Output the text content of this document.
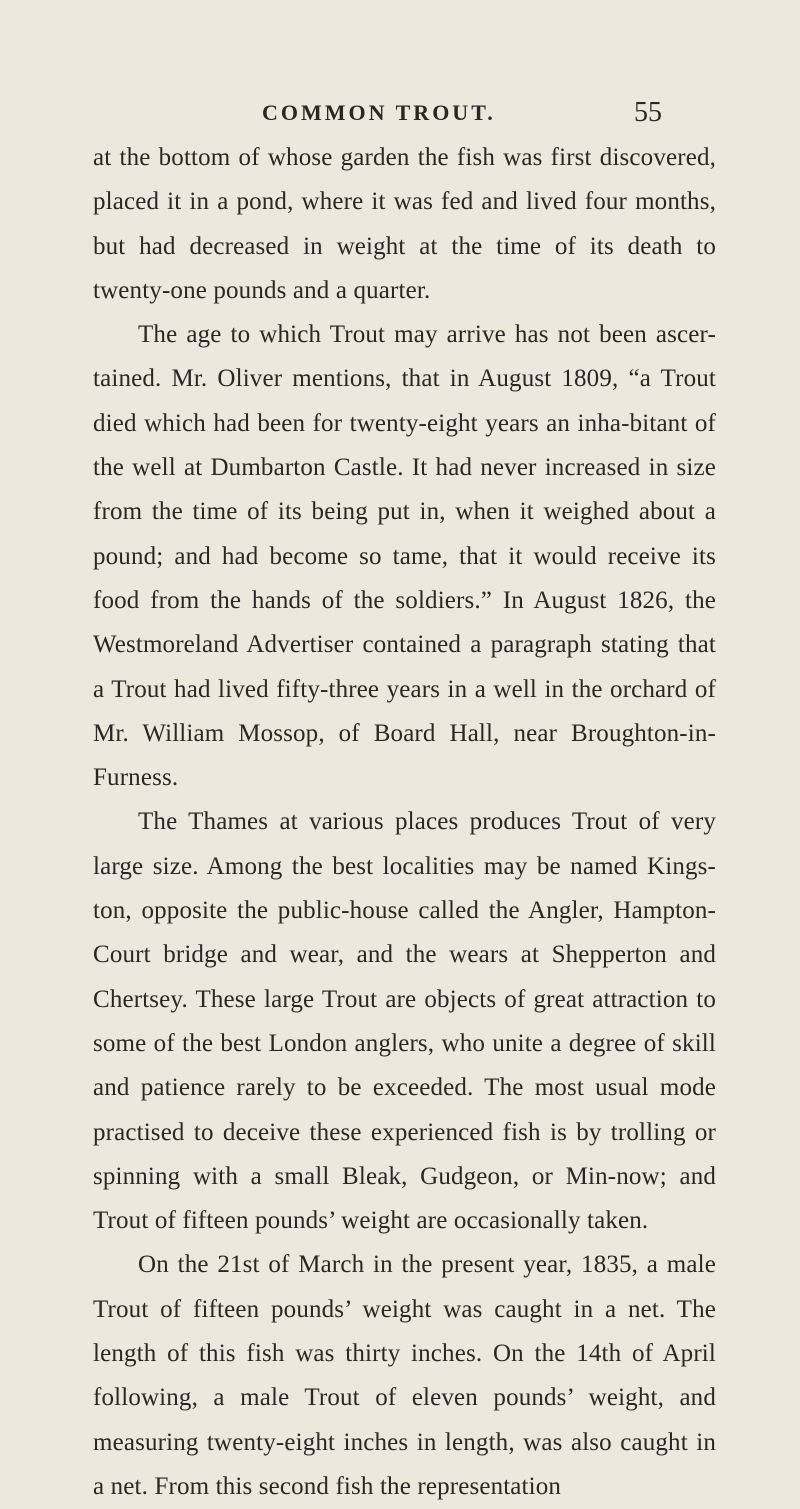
COMMON TROUT.	55

at the bottom of whose garden the fish was first discovered, placed it in a pond, where it was fed and lived four months, but had decreased in weight at the time of its death to twenty-one pounds and a quarter.

The age to which Trout may arrive has not been ascer-tained. Mr. Oliver mentions, that in August 1809, “a Trout died which had been for twenty-eight years an inha-bitant of the well at Dumbarton Castle. It had never increased in size from the time of its being put in, when it weighed about a pound; and had become so tame, that it would receive its food from the hands of the soldiers.” In August 1826, the Westmoreland Advertiser contained a paragraph stating that a Trout had lived fifty-three years in a well in the orchard of Mr. William Mossop, of Board Hall, near Broughton-in-Furness.

The Thames at various places produces Trout of very large size. Among the best localities may be named Kings-ton, opposite the public-house called the Angler, Hampton-Court bridge and wear, and the wears at Shepperton and Chertsey. These large Trout are objects of great attraction to some of the best London anglers, who unite a degree of skill and patience rarely to be exceeded. The most usual mode practised to deceive these experienced fish is by trolling or spinning with a small Bleak, Gudgeon, or Min-now; and Trout of fifteen pounds’ weight are occasionally taken.

On the 21st of March in the present year, 1835, a male Trout of fifteen pounds’ weight was caught in a net. The length of this fish was thirty inches. On the 14th of April following, a male Trout of eleven pounds’ weight, and measuring twenty-eight inches in length, was also caught in a net. From this second fish the representation
